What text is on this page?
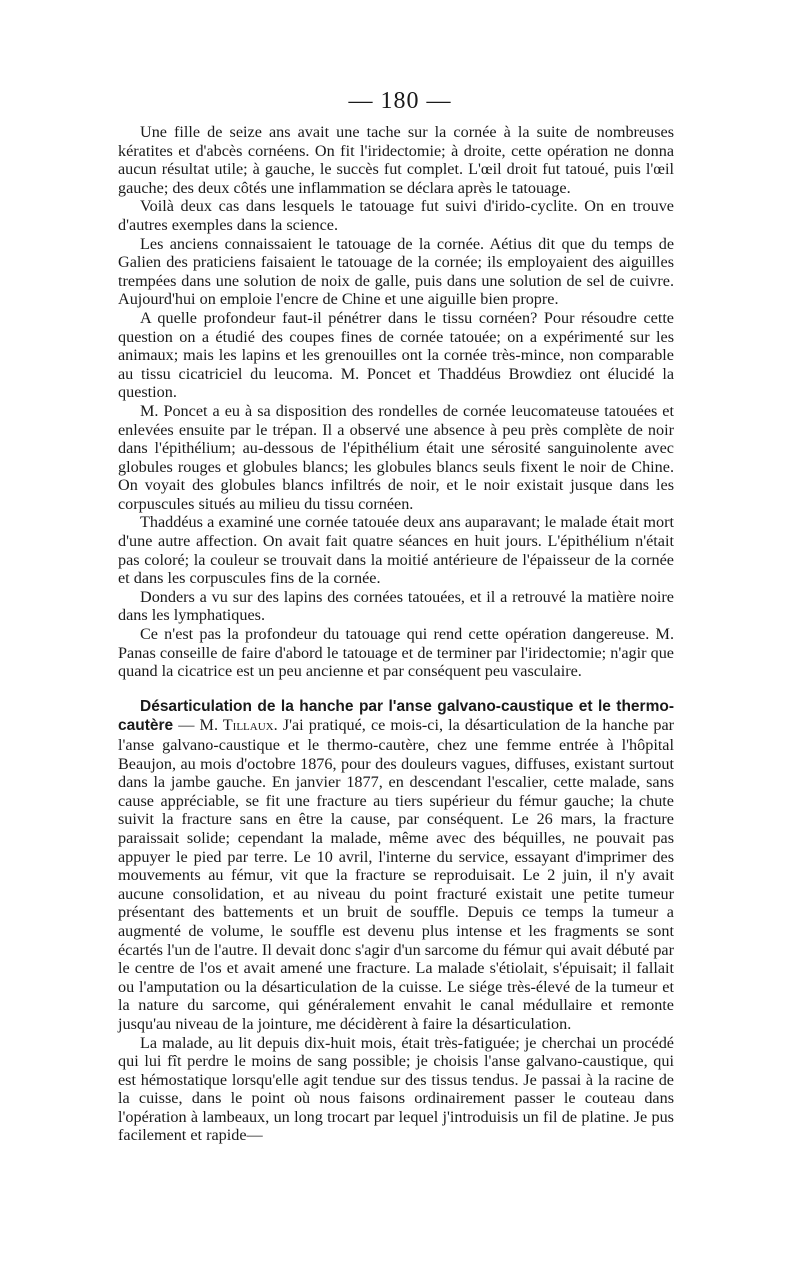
— 180 —

Une fille de seize ans avait une tache sur la cornée à la suite de nombreuses kératites et d'abcès cornéens. On fit l'iridectomie; à droite, cette opération ne donna aucun résultat utile; à gauche, le succès fut complet. L'œil droit fut tatoué, puis l'œil gauche; des deux côtés une inflammation se déclara après le tatouage.

Voilà deux cas dans lesquels le tatouage fut suivi d'irido-cyclite. On en trouve d'autres exemples dans la science.

Les anciens connaissaient le tatouage de la cornée. Aétius dit que du temps de Galien des praticiens faisaient le tatouage de la cornée; ils employaient des aiguilles trempées dans une solution de noix de galle, puis dans une solution de sel de cuivre. Aujourd'hui on emploie l'encre de Chine et une aiguille bien propre.

A quelle profondeur faut-il pénétrer dans le tissu cornéen? Pour résoudre cette question on a étudié des coupes fines de cornée tatouée; on a expérimenté sur les animaux; mais les lapins et les grenouilles ont la cornée très-mince, non comparable au tissu cicatriciel du leucoma. M. Poncet et Thaddéus Browdiez ont élucidé la question.

M. Poncet a eu à sa disposition des rondelles de cornée leucomateuse tatouées et enlevées ensuite par le trépan. Il a observé une absence à peu près complète de noir dans l'épithélium; au-dessous de l'épithélium était une sérosité sanguinolente avec globules rouges et globules blancs; les globules blancs seuls fixent le noir de Chine. On voyait des globules blancs infiltrés de noir, et le noir existait jusque dans les corpuscules situés au milieu du tissu cornéen.

Thaddéus a examiné une cornée tatouée deux ans auparavant; le malade était mort d'une autre affection. On avait fait quatre séances en huit jours. L'épithélium n'était pas coloré; la couleur se trouvait dans la moitié antérieure de l'épaisseur de la cornée et dans les corpuscules fins de la cornée.

Donders a vu sur des lapins des cornées tatouées, et il a retrouvé la matière noire dans les lymphatiques.

Ce n'est pas la profondeur du tatouage qui rend cette opération dangereuse. M. Panas conseille de faire d'abord le tatouage et de terminer par l'iridectomie; n'agir que quand la cicatrice est un peu ancienne et par conséquent peu vasculaire.

Désarticulation de la hanche par l'anse galvano-caustique et le thermo-cautère — M. Tillaux. J'ai pratiqué, ce mois-ci, la désarticulation de la hanche par l'anse galvano-caustique et le thermo-cautère, chez une femme entrée à l'hôpital Beaujon, au mois d'octobre 1876, pour des douleurs vagues, diffuses, existant surtout dans la jambe gauche. En janvier 1877, en descendant l'escalier, cette malade, sans cause appréciable, se fit une fracture au tiers supérieur du fémur gauche; la chute suivit la fracture sans en être la cause, par conséquent. Le 26 mars, la fracture paraissait solide; cependant la malade, même avec des béquilles, ne pouvait pas appuyer le pied par terre. Le 10 avril, l'interne du service, essayant d'imprimer des mouvements au fémur, vit que la fracture se reproduisait. Le 2 juin, il n'y avait aucune consolidation, et au niveau du point fracturé existait une petite tumeur présentant des battements et un bruit de souffle. Depuis ce temps la tumeur a augmenté de volume, le souffle est devenu plus intense et les fragments se sont écartés l'un de l'autre. Il devait donc s'agir d'un sarcome du fémur qui avait débuté par le centre de l'os et avait amené une fracture. La malade s'étiolait, s'épuisait; il fallait ou l'amputation ou la désarticulation de la cuisse. Le siége très-élevé de la tumeur et la nature du sarcome, qui généralement envahit le canal médullaire et remonte jusqu'au niveau de la jointure, me décidèrent à faire la désarticulation.

La malade, au lit depuis dix-huit mois, était très-fatiguée; je cherchai un procédé qui lui fît perdre le moins de sang possible; je choisis l'anse galvano-caustique, qui est hémostatique lorsqu'elle agit tendue sur des tissus tendus. Je passai à la racine de la cuisse, dans le point où nous faisons ordinairement passer le couteau dans l'opération à lambeaux, un long trocart par lequel j'introduisis un fil de platine. Je pus facilement et rapide—
